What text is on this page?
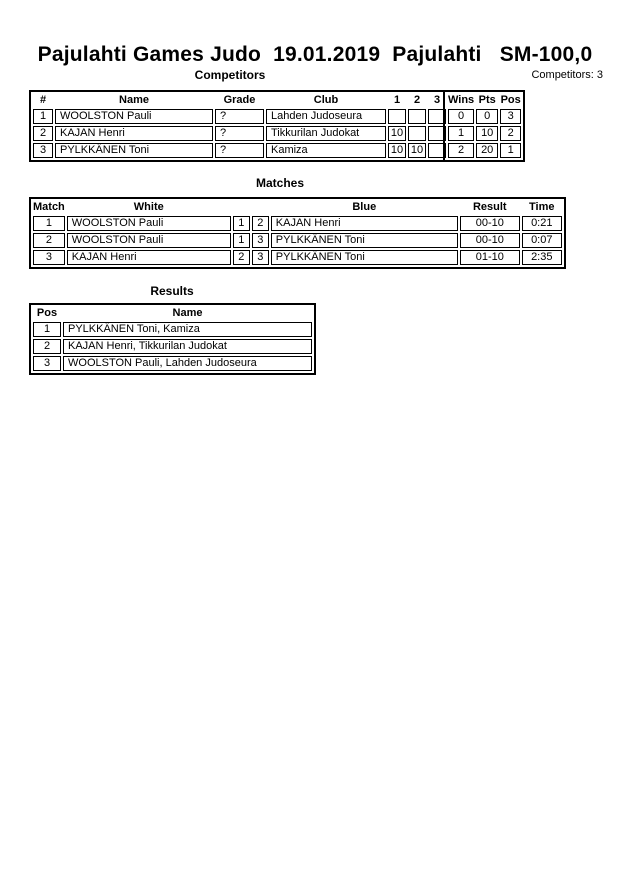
Pajulahti Games Judo  19.01.2019  Pajulahti   SM-100,0
Competitors	Competitors: 3
#	Name	Grade	Club	1	2	3	Wins	Pts	Pos
1	WOOLSTON Pauli	?	Lahden Judoseura				0	0	3
2	KAJAN Henri	?	Tikkurilan Judokat	10			1	10	2
3	PYLKKÄNEN Toni	?	Kamiza	10	10		2	20	1
Matches
Match	White			Blue	Result	Time
1	WOOLSTON Pauli	1	2	KAJAN Henri	00-10	0:21
2	WOOLSTON Pauli	1	3	PYLKKÄNEN Toni	00-10	0:07
3	KAJAN Henri	2	3	PYLKKÄNEN Toni	01-10	2:35
Results
Pos	Name
1	PYLKKÄNEN Toni, Kamiza
2	KAJAN Henri, Tikkurilan Judokat
3	WOOLSTON Pauli, Lahden Judoseura
